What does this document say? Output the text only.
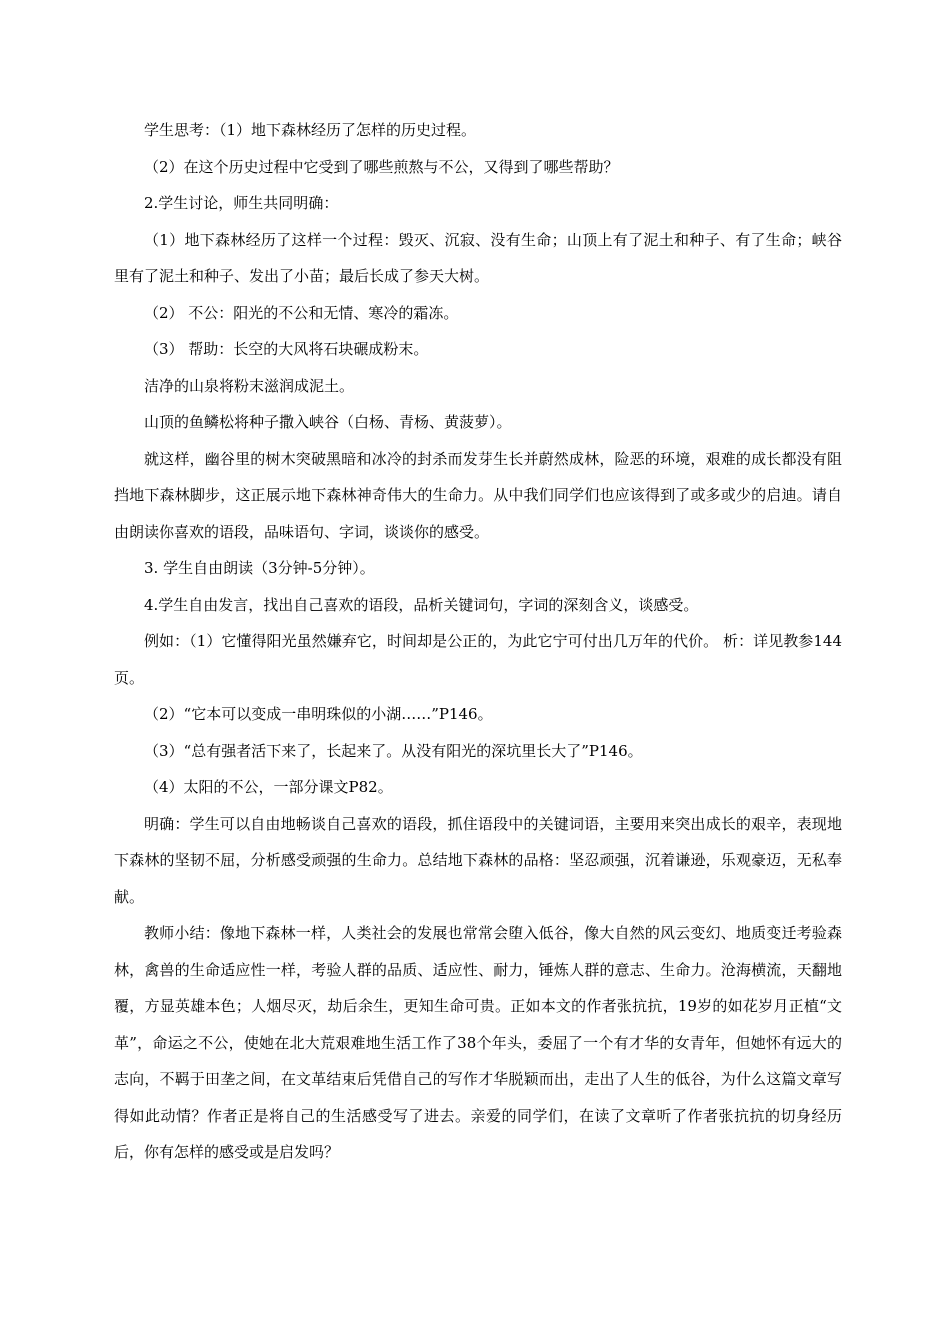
学生思考：（1）地下森林经历了怎样的历史过程。

（2）在这个历史过程中它受到了哪些煎熬与不公，又得到了哪些帮助？

2.学生讨论，师生共同明确：

（1）地下森林经历了这样一个过程：毁灭、沉寂、没有生命；山顶上有了泥土和种子、有了生命；峡谷里有了泥土和种子、发出了小苗；最后长成了参天大树。

（2） 不公：阳光的不公和无情、寒冷的霜冻。

（3） 帮助：长空的大风将石块碾成粉末。

洁净的山泉将粉末滋润成泥土。

山顶的鱼鳞松将种子撒入峡谷（白杨、青杨、黄菠萝）。

就这样，幽谷里的树木突破黑暗和冰冷的封杀而发芽生长并蔚然成林，险恶的环境，艰难的成长都没有阻挡地下森林脚步，这正展示地下森林神奇伟大的生命力。从中我们同学们也应该得到了或多或少的启迪。请自由朗读你喜欢的语段，品味语句、字词，谈谈你的感受。

3. 学生自由朗读（3分钟-5分钟）。

4.学生自由发言，找出自己喜欢的语段，品析关键词句，字词的深刻含义，谈感受。

例如：（1）它懂得阳光虽然嫌弃它，时间却是公正的，为此它宁可付出几万年的代价。 析：详见教参144页。

（2）“它本可以变成一串明珠似的小湖……”P146。

（3）“总有强者活下来了，长起来了。从没有阳光的深坑里长大了”P146。

（4）太阳的不公，一部分课文P82。

明确：学生可以自由地畅谈自己喜欢的语段，抓住语段中的关键词语，主要用来突出成长的艰辛，表现地下森林的坚韧不屈，分析感受顽强的生命力。总结地下森林的品格：坚忍顽强，沉着谦逊，乐观豪迈，无私奉献。

教师小结：像地下森林一样，人类社会的发展也常常会堕入低谷，像大自然的风云变幻、地质变迁考验森林，禽兽的生命适应性一样，考验人群的品质、适应性、耐力，锤炼人群的意志、生命力。沧海横流，天翻地覆，方显英雄本色；人烟尽灭，劫后余生，更知生命可贵。正如本文的作者张抗抗，19岁的如花岁月正植“文革”，命运之不公，使她在北大荒艰难地生活工作了38个年头，委屈了一个有才华的女青年，但她怀有远大的志向，不羁于田垄之间，在文革结束后凭借自己的写作才华脱颖而出，走出了人生的低谷，为什么这篇文章写得如此动情？作者正是将自己的生活感受写了进去。亲爱的同学们，在读了文章听了作者张抗抗的切身经历后，你有怎样的感受或是启发吗？
